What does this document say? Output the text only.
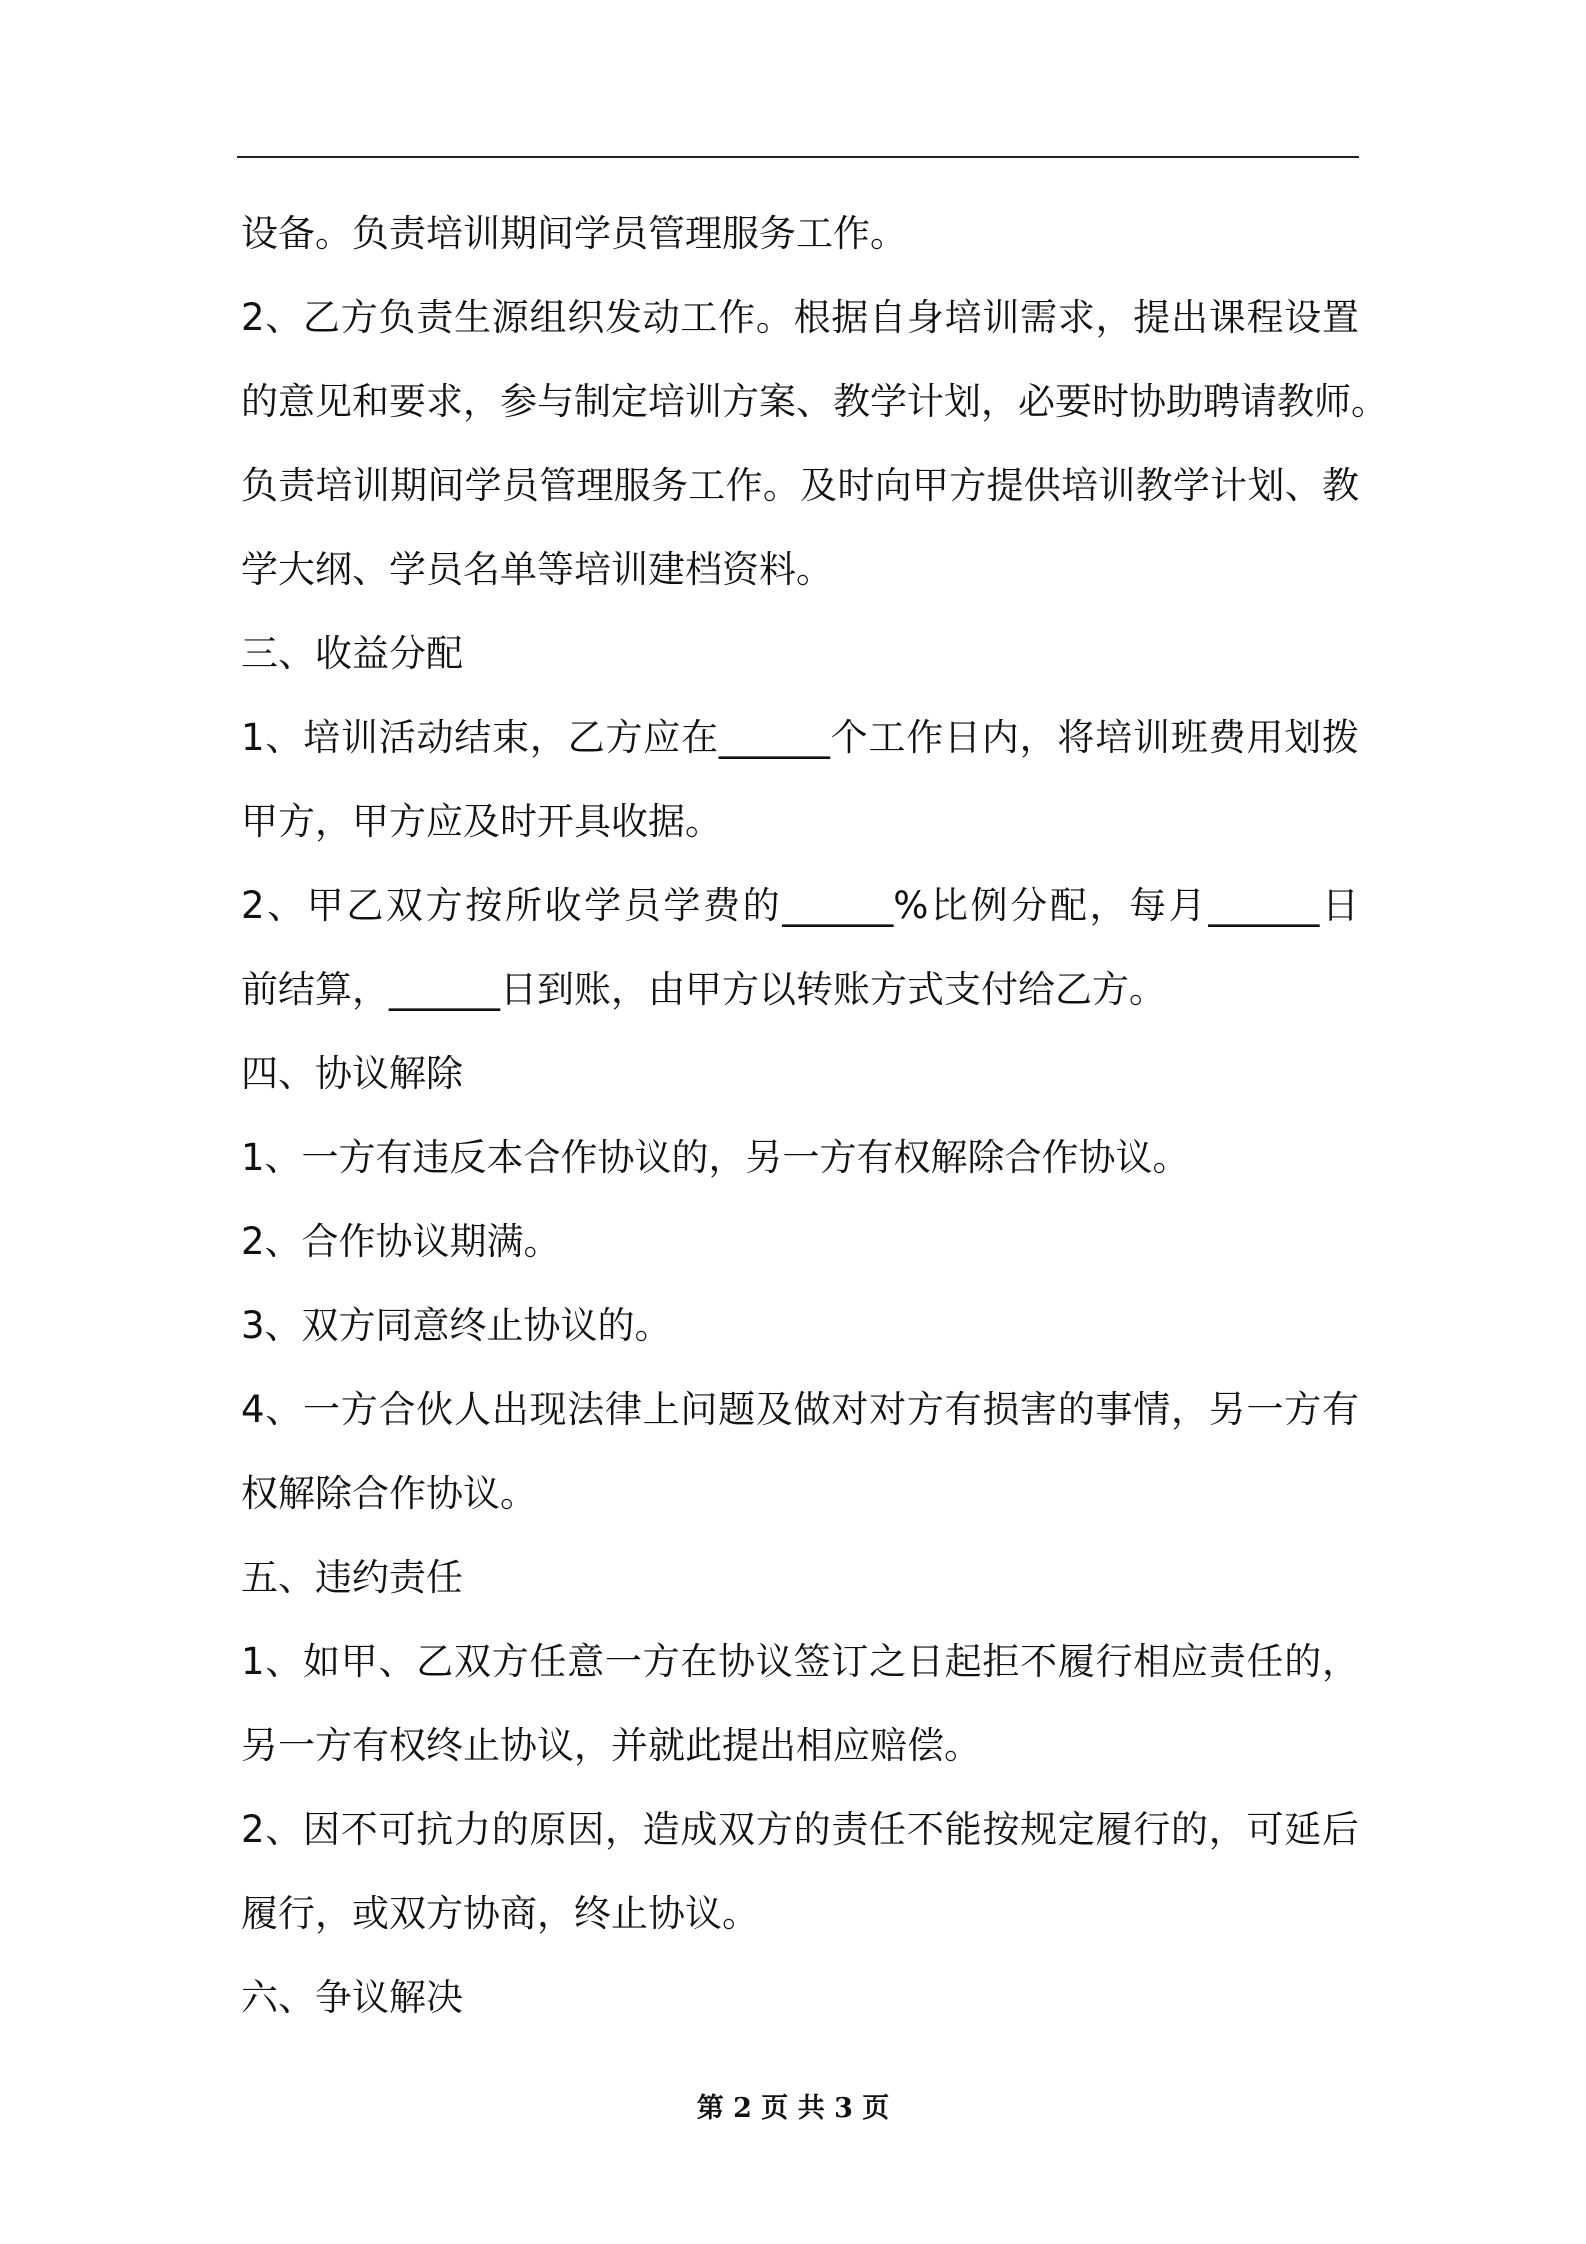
设备。负责培训期间学员管理服务工作。
2、乙方负责生源组织发动工作。根据自身培训需求，提出课程设置
的意见和要求，参与制定培训方案、教学计划，必要时协助聘请教师。
负责培训期间学员管理服务工作。及时向甲方提供培训教学计划、教
学大纲、学员名单等培训建档资料。
三、收益分配
1、培训活动结束，乙方应在______个工作日内，将培训班费用划拨
甲方，甲方应及时开具收据。
2、甲乙双方按所收学员学费的______%比例分配，每月______日
前结算，______日到账，由甲方以转账方式支付给乙方。
四、协议解除
1、一方有违反本合作协议的，另一方有权解除合作协议。
2、合作协议期满。
3、双方同意终止协议的。
4、一方合伙人出现法律上问题及做对对方有损害的事情，另一方有
权解除合作协议。
五、违约责任
1、如甲、乙双方任意一方在协议签订之日起拒不履行相应责任的，
另一方有权终止协议，并就此提出相应赔偿。
2、因不可抗力的原因，造成双方的责任不能按规定履行的，可延后
履行，或双方协商，终止协议。
六、争议解决
第 2 页 共 3 页
